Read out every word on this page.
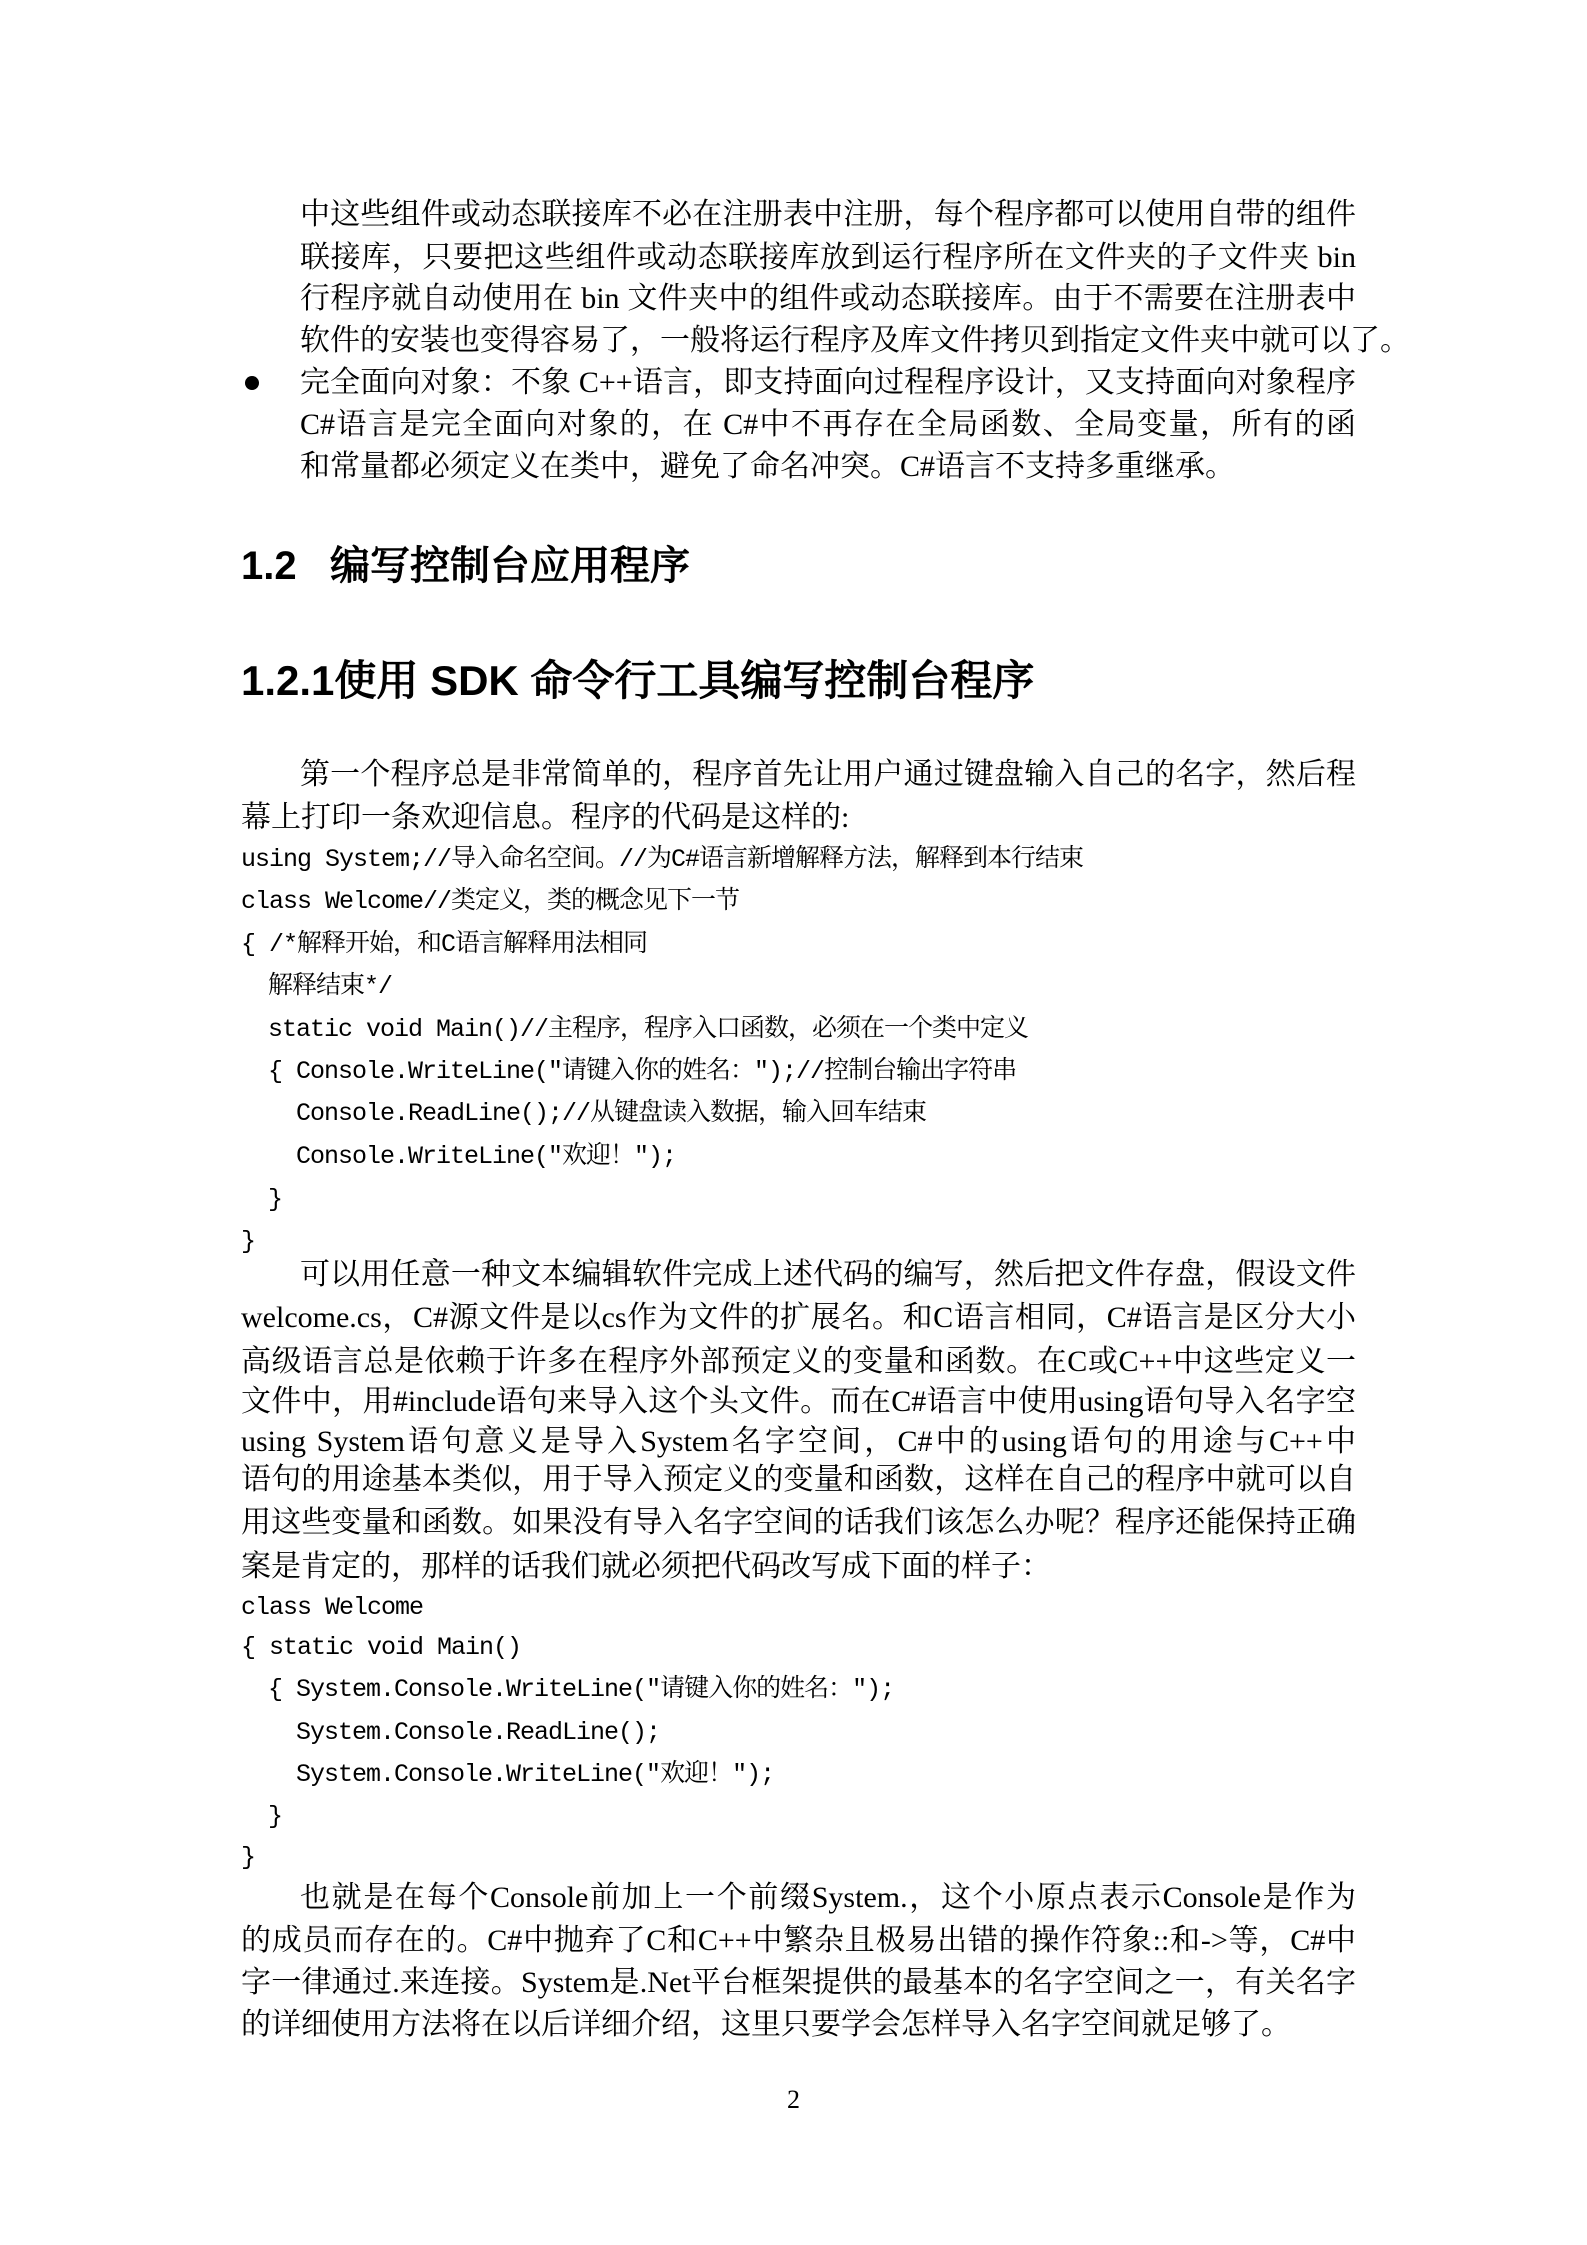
中这些组件或动态联接库不必在注册表中注册，每个程序都可以使用自带的组件
联接库，只要把这些组件或动态联接库放到运行程序所在文件夹的子文件夹 bin
行程序就自动使用在 bin 文件夹中的组件或动态联接库。由于不需要在注册表中
软件的安装也变得容易了，一般将运行程序及库文件拷贝到指定文件夹中就可以了。
完全面向对象：不象 C++语言，即支持面向过程程序设计，又支持面向对象程序
C#语言是完全面向对象的，在 C#中不再存在全局函数、全局变量，所有的函
和常量都必须定义在类中，避免了命名冲突。C#语言不支持多重继承。
1.2   编写控制台应用程序
1.2.1使用 SDK 命令行工具编写控制台程序
第一个程序总是非常简单的，程序首先让用户通过键盘输入自己的名字，然后程
幕上打印一条欢迎信息。程序的代码是这样的:
using System;//导入命名空间。//为C#语言新增解释方法，解释到本行结束
class Welcome//类定义，类的概念见下一节
{ /*解释开始，和C语言解释用法相同
解释结束*/
static void Main()//主程序，程序入口函数，必须在一个类中定义
{ Console.WriteLine("请键入你的姓名：");//控制台输出字符串
Console.ReadLine();//从键盘读入数据，输入回车结束
Console.WriteLine("欢迎！");
}
}
可以用任意一种文本编辑软件完成上述代码的编写，然后把文件存盘，假设文件
welcome.cs，C#源文件是以cs作为文件的扩展名。和C语言相同，C#语言是区分大小
高级语言总是依赖于许多在程序外部预定义的变量和函数。在C或C++中这些定义一
文件中，用#include语句来导入这个头文件。而在C#语言中使用using语句导入名字空
using System语句意义是导入System名字空间，C#中的using语句的用途与C++中
语句的用途基本类似，用于导入预定义的变量和函数，这样在自己的程序中就可以自
用这些变量和函数。如果没有导入名字空间的话我们该怎么办呢？程序还能保持正确
案是肯定的，那样的话我们就必须把代码改写成下面的样子：
class Welcome
{ static void Main()
{ System.Console.WriteLine("请键入你的姓名：");
System.Console.ReadLine();
System.Console.WriteLine("欢迎！");
}
}
也就是在每个Console前加上一个前缀System.，这个小原点表示Console是作为
的成员而存在的。C#中抛弃了C和C++中繁杂且极易出错的操作符象::和->等，C#中
字一律通过.来连接。System是.Net平台框架提供的最基本的名字空间之一，有关名字
的详细使用方法将在以后详细介绍，这里只要学会怎样导入名字空间就足够了。
2
